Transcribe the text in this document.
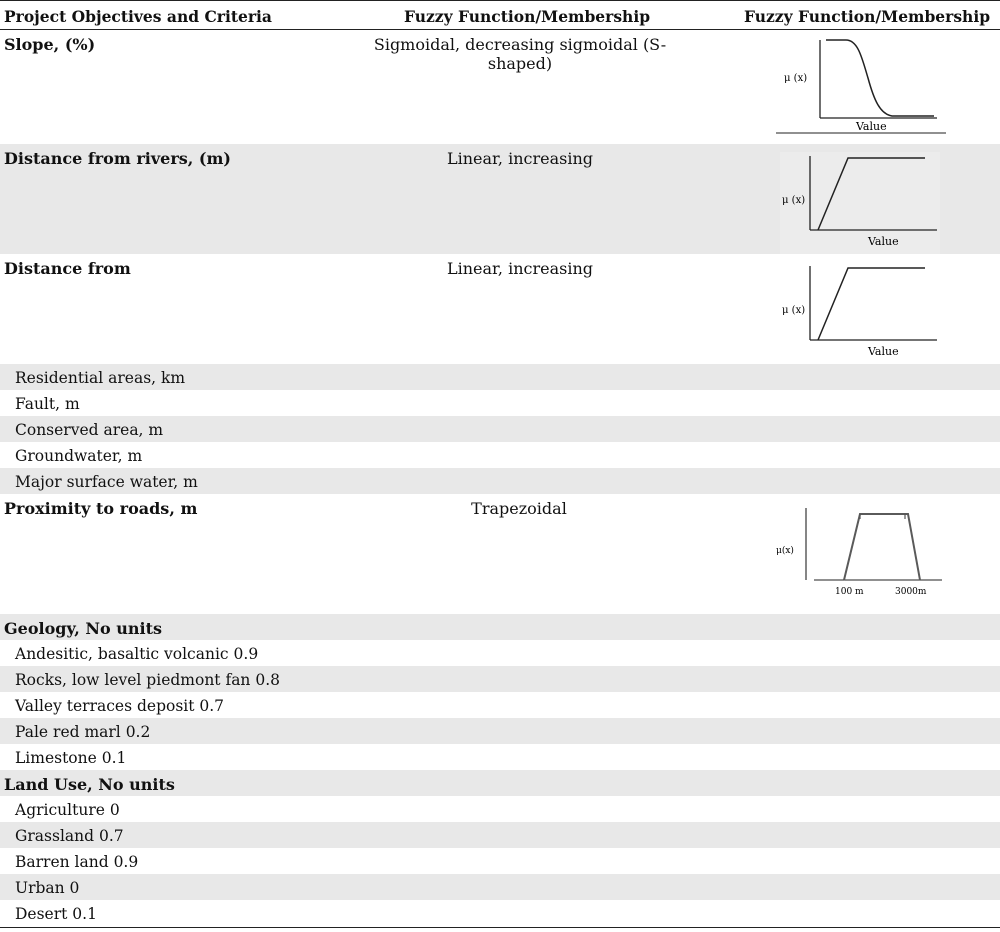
Project Objectives and Criteria	Fuzzy Function/Membership	Fuzzy Function/Membership
Slope, (%)	Sigmoidal, decreasing sigmoidal (S-shaped)
μ (x)
Value
Distance from rivers, (m)	Linear, increasing
μ (x)
Value
Distance from	Linear, increasing
μ (x)
Value
Residential areas, km
Fault, m
Conserved area, m
Groundwater, m
Major surface water, m
Proximity to roads, m	Trapezoidal
μ(x)
100 m	3000m
Geology, No units
Andesitic, basaltic volcanic 0.9
Rocks, low level piedmont fan 0.8
Valley terraces deposit 0.7
Pale red marl 0.2
Limestone 0.1
Land Use, No units
Agriculture 0
Grassland 0.7
Barren land 0.9
Urban 0
Desert 0.1
